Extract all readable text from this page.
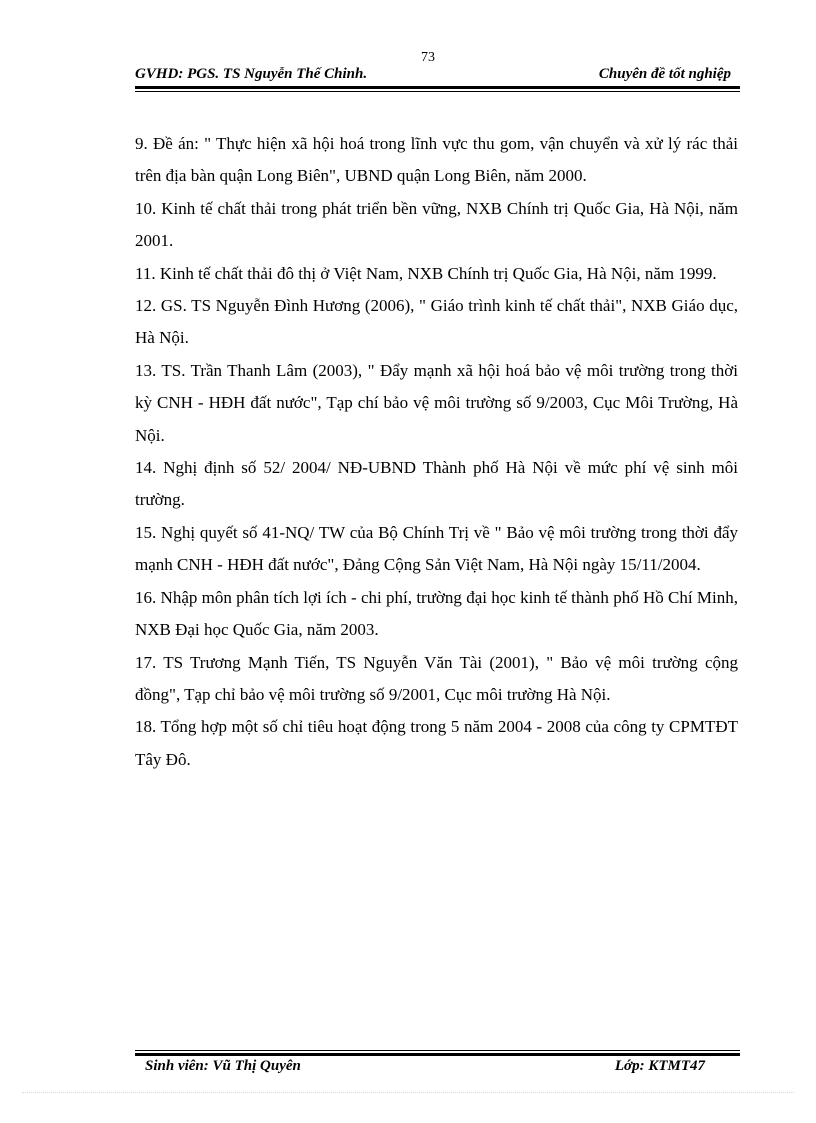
73
GVHD: PGS. TS Nguyễn Thế Chinh.	Chuyên đề tốt nghiệp
9. Đề án: " Thực hiện xã hội hoá trong lĩnh vực thu gom, vận chuyển và xử lý rác thải trên địa bàn quận Long Biên", UBND quận Long Biên, năm 2000.
10. Kinh tế chất thải trong phát triển bền vững, NXB Chính trị Quốc Gia, Hà Nội, năm 2001.
11. Kinh tế chất thải đô thị ở Việt Nam, NXB Chính trị Quốc Gia, Hà Nội, năm 1999.
12. GS. TS Nguyễn Đình Hương (2006), " Giáo trình kinh tế chất thải", NXB Giáo dục, Hà Nội.
13. TS. Trần Thanh Lâm (2003), " Đẩy mạnh xã hội hoá bảo vệ môi trường trong thời kỳ CNH - HĐH đất nước", Tạp chí bảo vệ môi trường số 9/2003, Cục Môi Trường, Hà Nội.
14. Nghị định số 52/ 2004/ NĐ-UBND Thành phố Hà Nội về mức phí vệ sinh môi trường.
15. Nghị quyết số 41-NQ/ TW của Bộ Chính Trị về " Bảo vệ môi trường trong thời đẩy mạnh CNH - HĐH đất nước", Đảng Cộng Sản Việt Nam, Hà Nội ngày 15/11/2004.
16. Nhập môn phân tích lợi ích - chi phí, trường đại học kinh tế thành phố Hồ Chí Minh, NXB Đại học Quốc Gia, năm 2003.
17. TS Trương Mạnh Tiến, TS Nguyễn Văn Tài (2001), " Bảo vệ môi trường cộng đồng", Tạp chỉ bảo vệ môi trường số 9/2001, Cục môi trường Hà Nội.
18. Tổng hợp một số chỉ tiêu hoạt động trong 5 năm 2004 - 2008 của công ty CPMTĐT Tây Đô.
Sinh viên: Vũ Thị Quyên	Lớp: KTMT47
